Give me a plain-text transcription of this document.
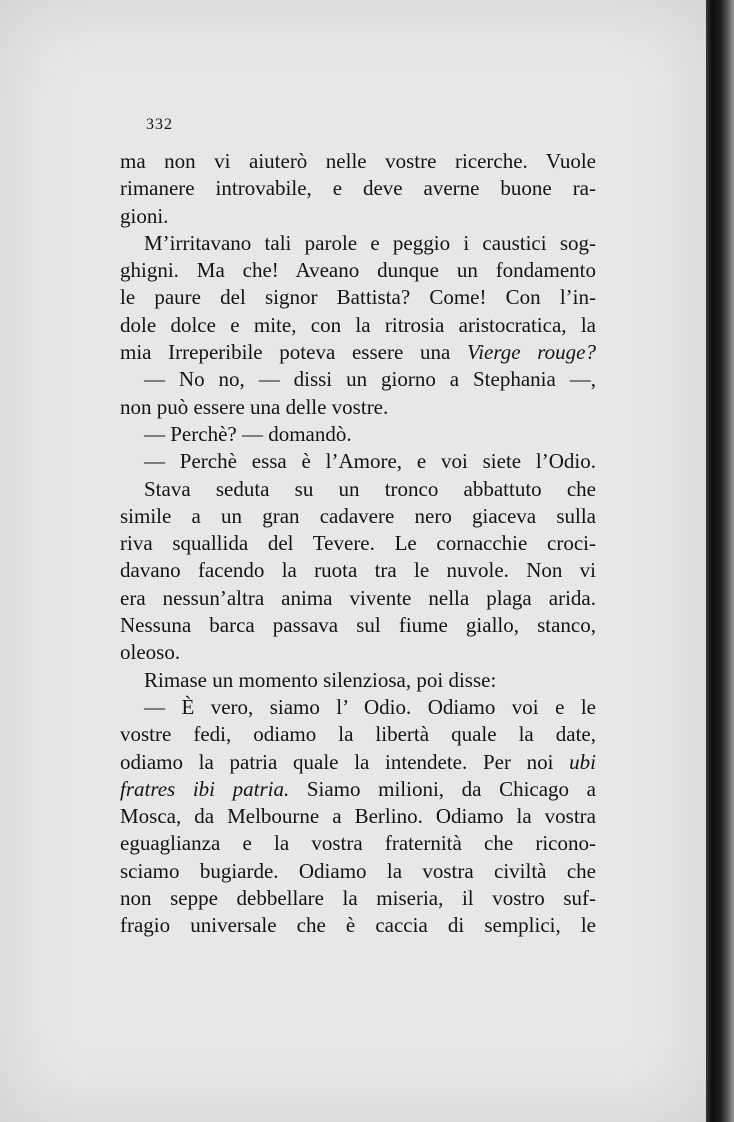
332
ma non vi aiuterò nelle vostre ricerche. Vuole
rimanere introvabile, e deve averne buone ra-
gioni.
M’irritavano tali parole e peggio i caustici sog-
ghigni. Ma che! Aveano dunque un fondamento
le paure del signor Battista? Come! Con l’in-
dole dolce e mite, con la ritrosia aristocratica, la
mia Irreperibile poteva essere una Vierge rouge?
— No no, — dissi un giorno a Stephania —,
non può essere una delle vostre.
— Perchè? — domandò.
— Perchè essa è l’Amore, e voi siete l’Odio.
Stava seduta su un tronco abbattuto che
simile a un gran cadavere nero giaceva sulla
riva squallida del Tevere. Le cornacchie croci-
davano facendo la ruota tra le nuvole. Non vi
era nessun’altra anima vivente nella plaga arida.
Nessuna barca passava sul fiume giallo, stanco,
oleoso.
Rimase un momento silenziosa, poi disse:
— È vero, siamo l’ Odio. Odiamo voi e le
vostre fedi, odiamo la libertà quale la date,
odiamo la patria quale la intendete. Per noi ubi
fratres ibi patria. Siamo milioni, da Chicago a
Mosca, da Melbourne a Berlino. Odiamo la vostra
eguaglianza e la vostra fraternità che ricono-
sciamo bugiarde. Odiamo la vostra civiltà che
non seppe debbellare la miseria, il vostro suf-
fragio universale che è caccia di semplici, le
